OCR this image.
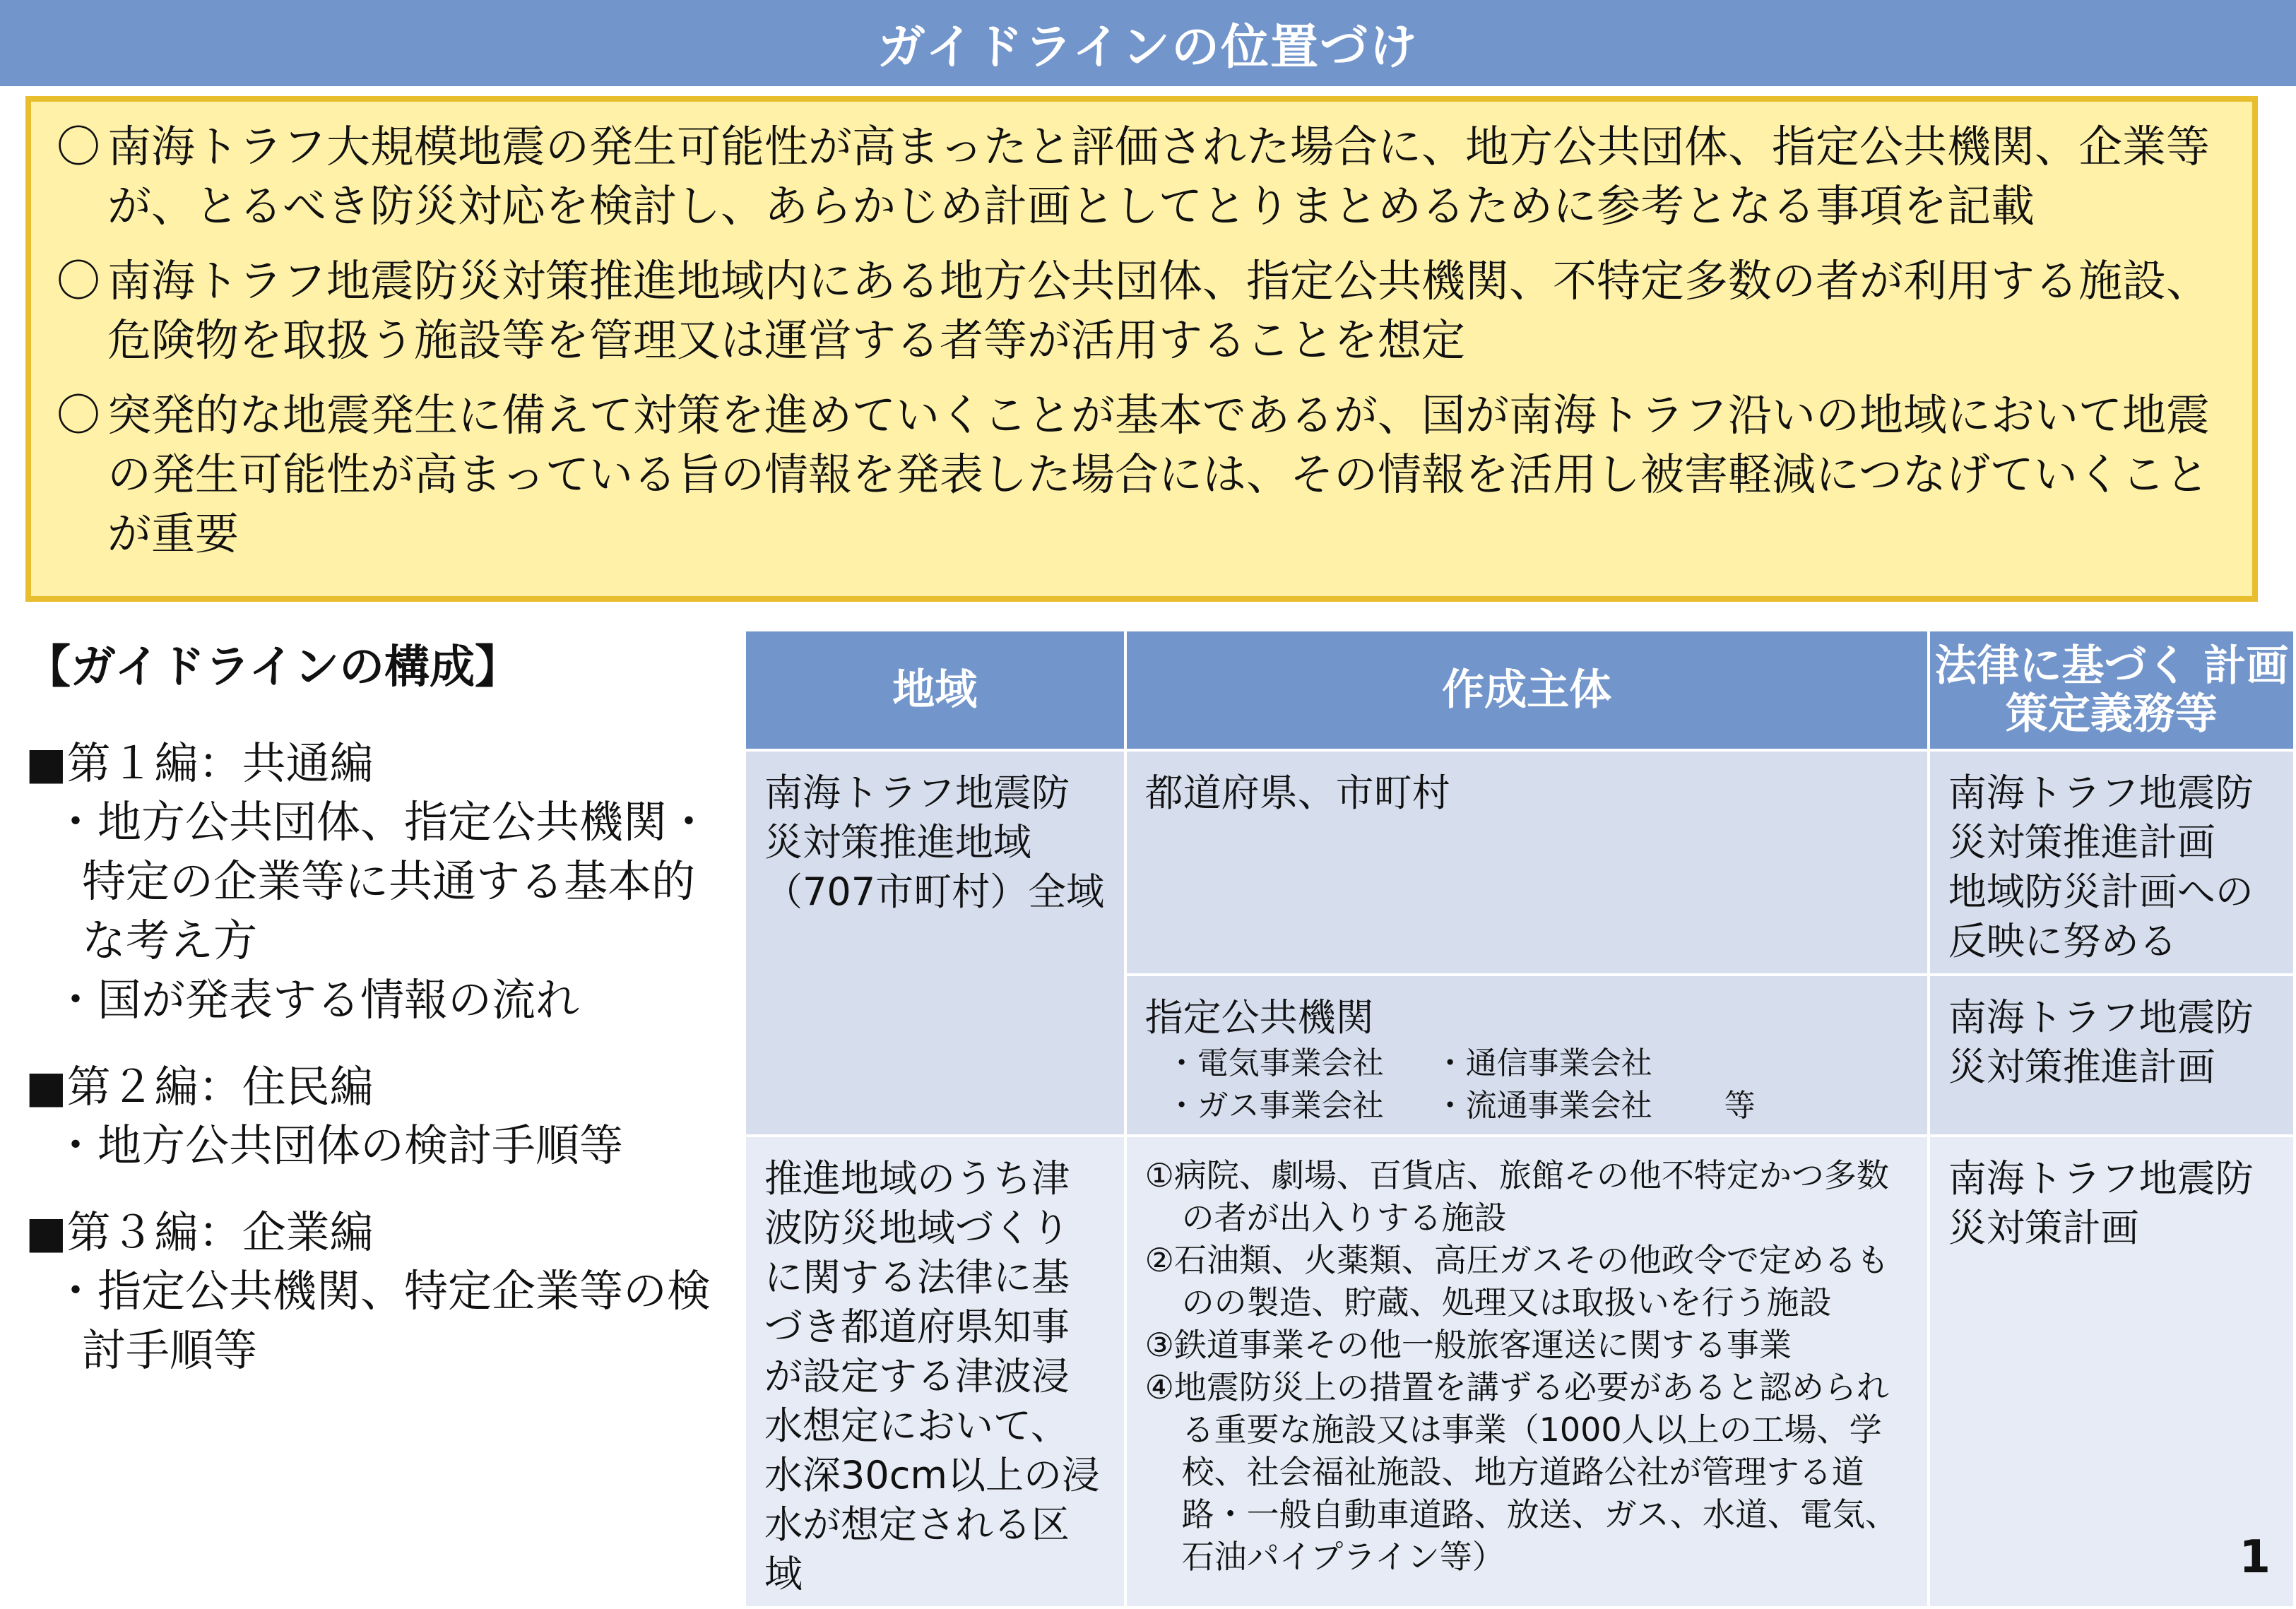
ガイドラインの位置づけ
〇 南海トラフ大規模地震の発生可能性が高まったと評価された場合に、地方公共団体、指定公共機関、企業等が、とるべき防災対応を検討し、あらかじめ計画としてとりまとめるために参考となる事項を記載
〇 南海トラフ地震防災対策推進地域内にある地方公共団体、指定公共機関、不特定多数の者が利用する施設、危険物を取扱う施設等を管理又は運営する者等が活用することを想定
〇 突発的な地震発生に備えて対策を進めていくことが基本であるが、国が南海トラフ沿いの地域において地震の発生可能性が高まっている旨の情報を発表した場合には、その情報を活用し被害軽減につなげていくことが重要
【ガイドラインの構成】
■第１編：共通編
・地方公共団体、指定公共機関・特定の企業等に共通する基本的な考え方
・国が発表する情報の流れ
■第２編：住民編
・地方公共団体の検討手順等
■第３編：企業編
・指定公共機関、特定企業等の検討手順等
地域	作成主体	法律に基づく 計画策定義務等
南海トラフ地震防災対策推進地域（707市町村）全域	都道府県、市町村	南海トラフ地震防災対策推進計画
地域防災計画への反映に努める

	指定公共機関
・電気事業会社 ・通信事業会社
・ガス事業会社 ・流通事業会社 等	南海トラフ地震防災対策推進計画
推進地域のうち津波防災地域づくりに関する法律に基づき都道府県知事が設定する津波浸水想定において、水深30cm以上の浸水が想定される区域	①病院、劇場、百貨店、旅館その他不特定かつ多数の者が出入りする施設
②石油類、火薬類、高圧ガスその他政令で定めるものの製造、貯蔵、処理又は取扱いを行う施設
③鉄道事業その他一般旅客運送に関する事業
④地震防災上の措置を講ずる必要があると認められる重要な施設又は事業（1000人以上の工場、学校、社会福祉施設、地方道路公社が管理する道路・一般自動車道路、放送、ガス、水道、電気、石油パイプライン等）	南海トラフ地震防災対策計画
1
